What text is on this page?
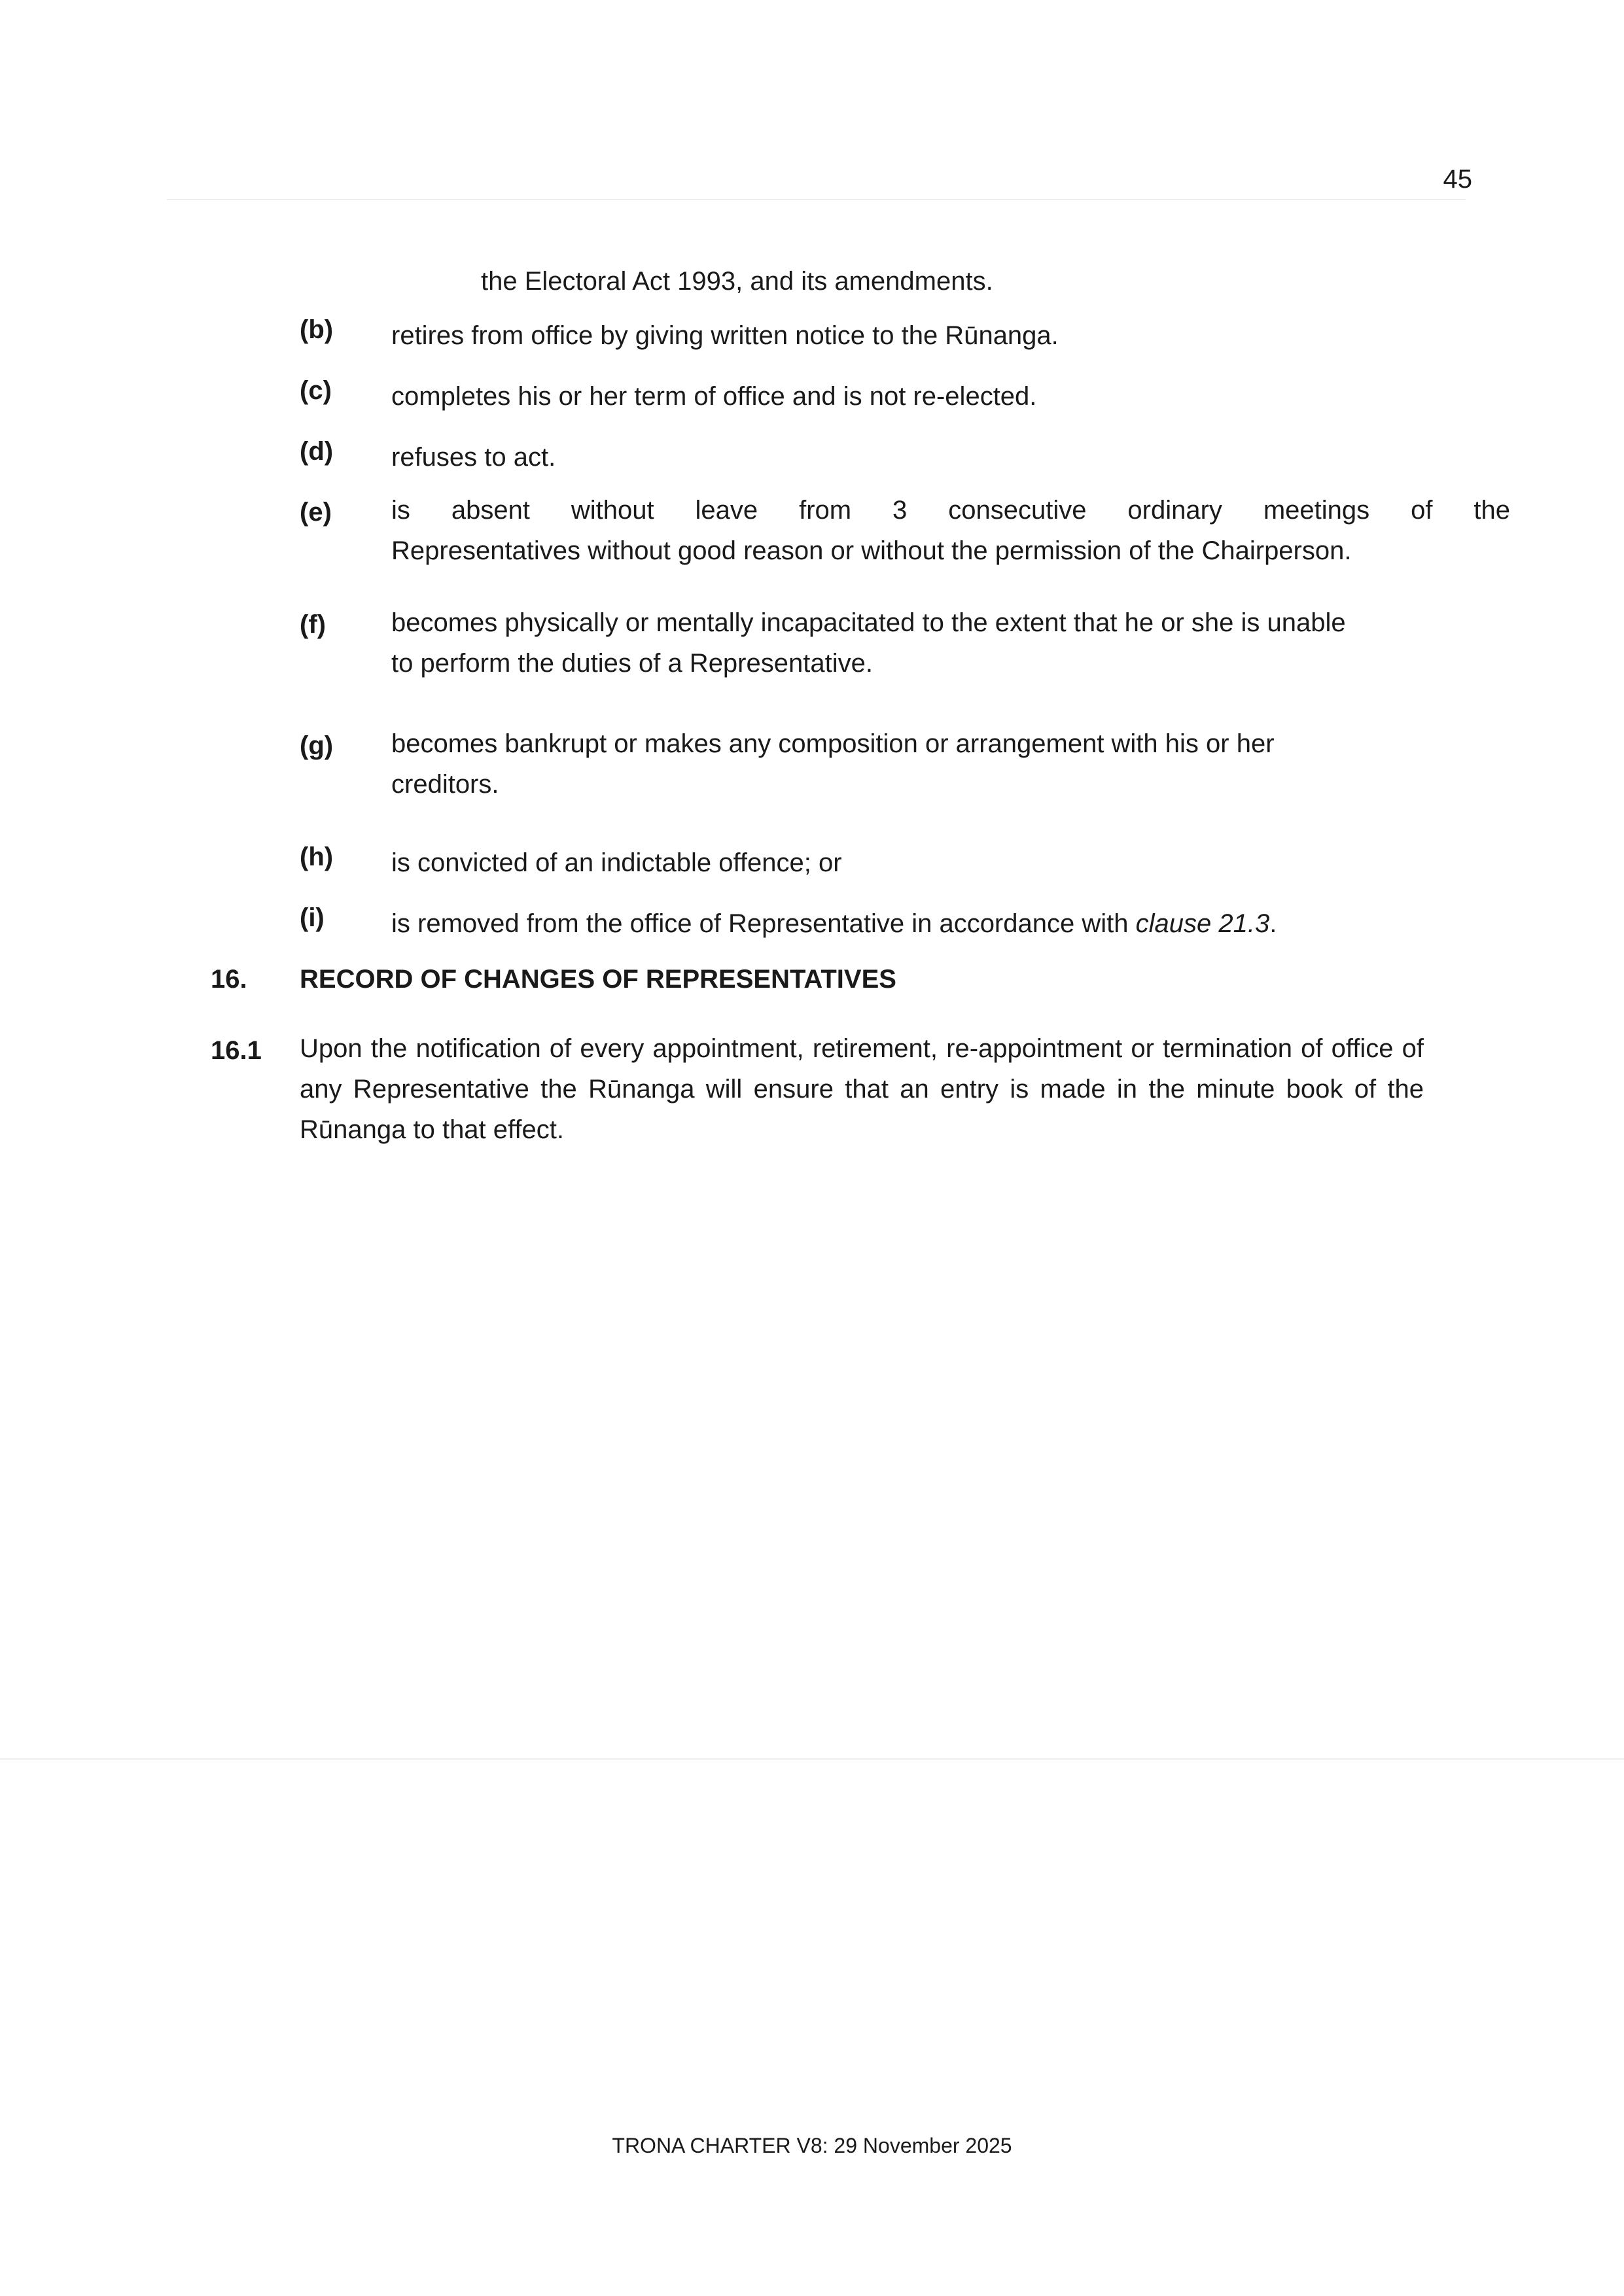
45
the Electoral Act 1993, and its amendments.
(b) retires from office by giving written notice to the Rūnanga.
(c) completes his or her term of office and is not re-elected.
(d) refuses to act.
(e) is absent without leave from 3 consecutive ordinary meetings of the
Representatives without good reason or without the permission of the Chairperson.
(f)	becomes physically or mentally incapacitated to the extent that he or she is unable
to perform the duties of a Representative.
(g) becomes bankrupt or makes any composition or arrangement with his or her
creditors.
(h) is convicted of an indictable offence; or
(i)	is removed from the office of Representative in accordance with clause 21.3.
16. RECORD OF CHANGES OF REPRESENTATIVES
16.1 Upon the notification of every appointment, retirement, re-appointment or termination of office of any Representative the Rūnanga will ensure that an entry is made in the minute book of the Rūnanga to that effect.
TRONA CHARTER V8: 29 November 2025
